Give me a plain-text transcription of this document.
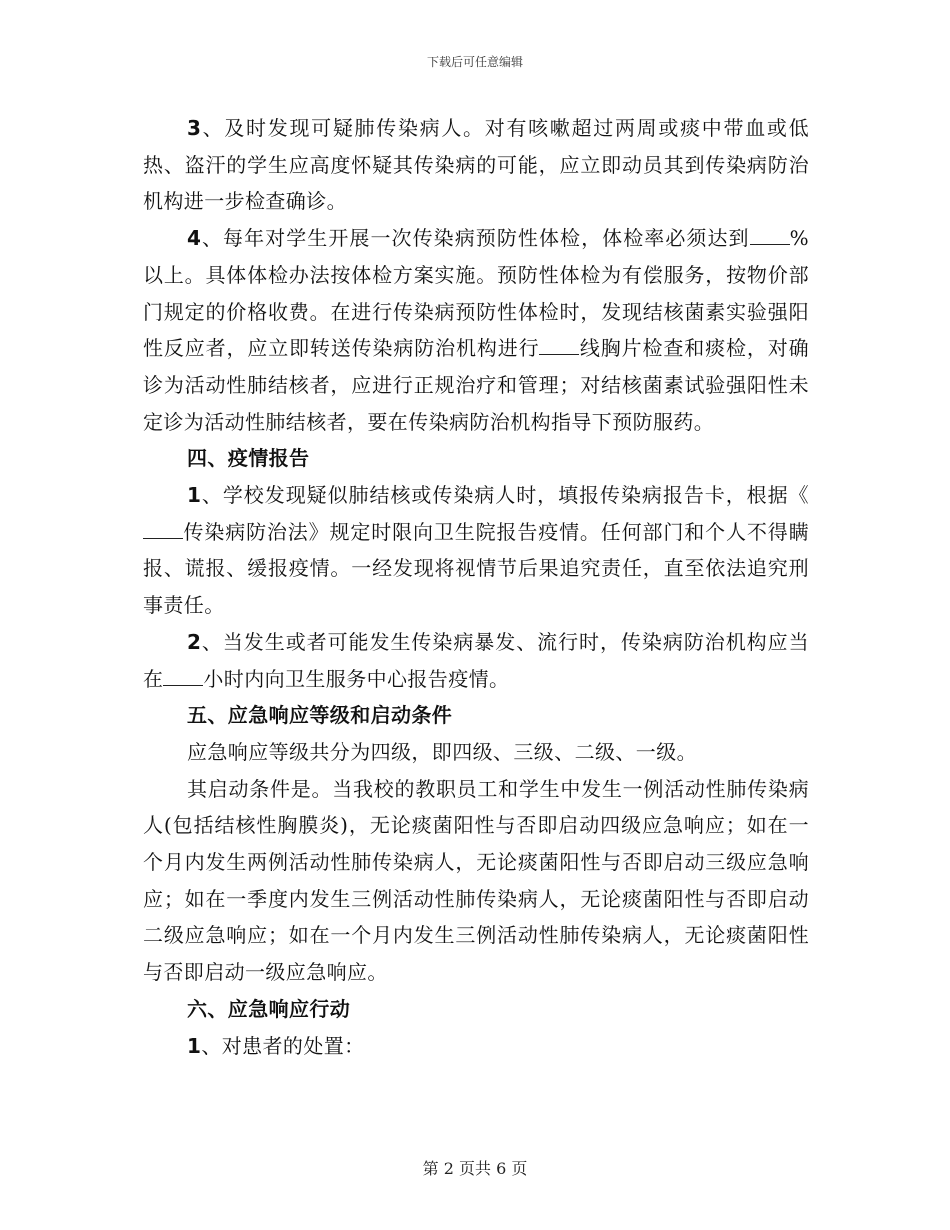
下载后可任意编辑

3、及时发现可疑肺传染病人。对有咳嗽超过两周或痰中带血或低热、盗汗的学生应高度怀疑其传染病的可能，应立即动员其到传染病防治机构进一步检查确诊。

4、每年对学生开展一次传染病预防性体检，体检率必须达到 %以上。具体体检办法按体检方案实施。预防性体检为有偿服务，按物价部门规定的价格收费。在进行传染病预防性体检时，发现结核菌素实验强阳性反应者，应立即转送传染病防治机构进行 线胸片检查和痰检，对确诊为活动性肺结核者，应进行正规治疗和管理；对结核菌素试验强阳性未定诊为活动性肺结核者，要在传染病防治机构指导下预防服药。

四、疫情报告

1、学校发现疑似肺结核或传染病人时，填报传染病报告卡，根据《传染病防治法》规定时限向卫生院报告疫情。任何部门和个人不得瞒报、谎报、缓报疫情。一经发现将视情节后果追究责任，直至依法追究刑事责任。

2、当发生或者可能发生传染病暴发、流行时，传染病防治机构应当在 小时内向卫生服务中心报告疫情。

五、应急响应等级和启动条件

应急响应等级共分为四级，即四级、三级、二级、一级。

其启动条件是。当我校的教职员工和学生中发生一例活动性肺传染病人(包括结核性胸膜炎)，无论痰菌阳性与否即启动四级应急响应；如在一个月内发生两例活动性肺传染病人，无论痰菌阳性与否即启动三级应急响应；如在一季度内发生三例活动性肺传染病人，无论痰菌阳性与否即启动二级应急响应；如在一个月内发生三例活动性肺传染病人，无论痰菌阳性与否即启动一级应急响应。

六、应急响应行动

1、对患者的处置：

第 2 页共 6 页
